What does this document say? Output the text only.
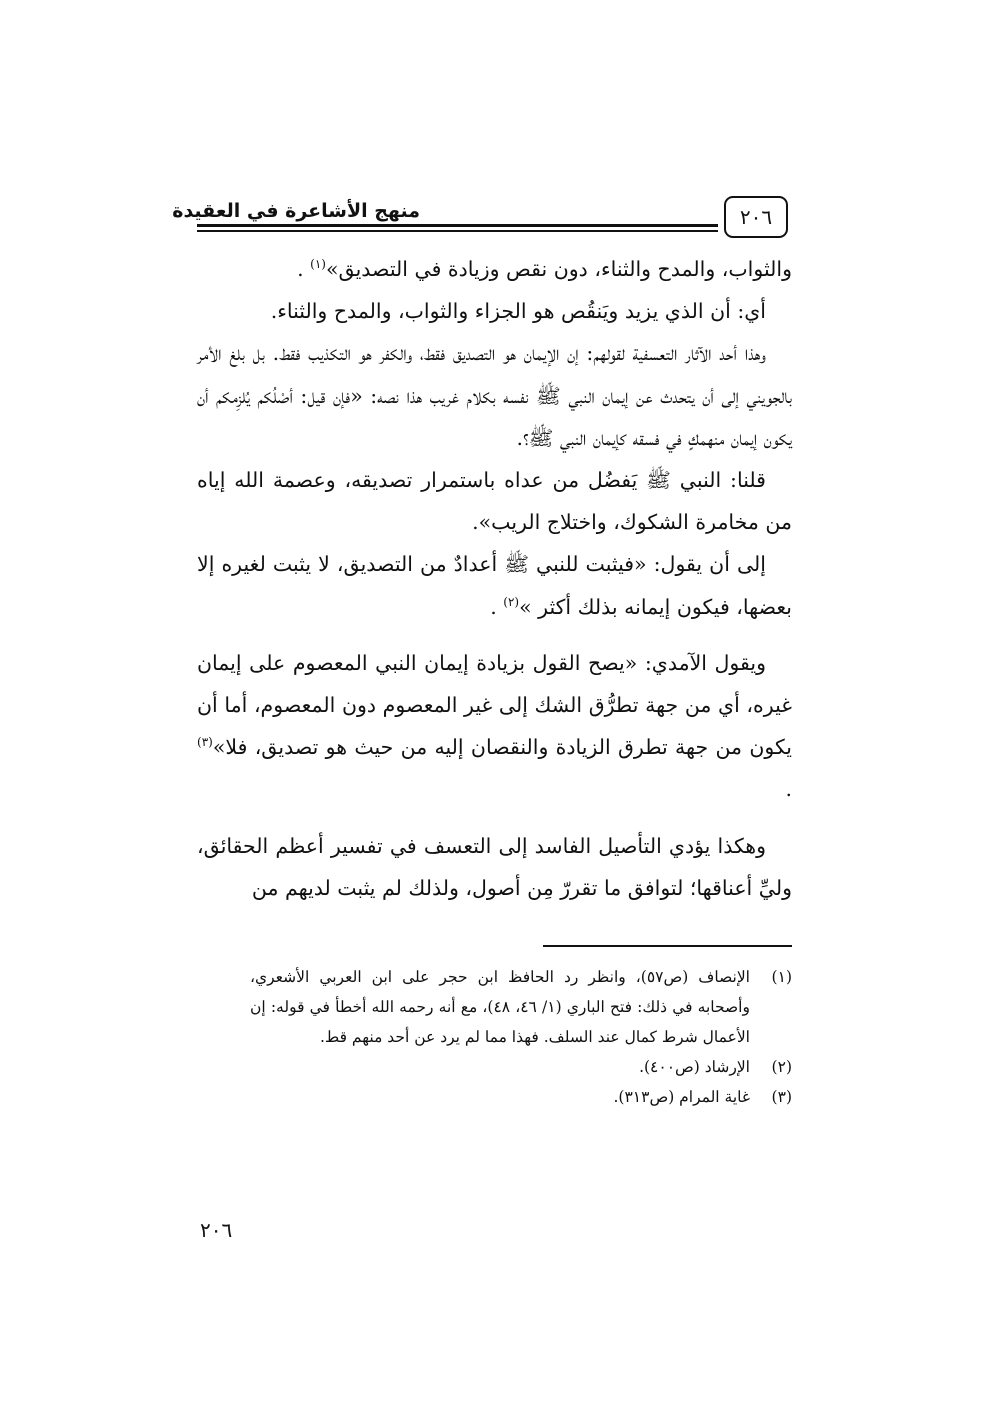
٢٠٦
منهج الأشاعرة في العقيدة

والثواب، والمدح والثناء، دون نقص وزيادة في التصديق»$^{(١)}$ .

أي: أن الذي يزيد ويَنقُص هو الجزاء والثواب، والمدح والثناء.

وهذا أحد الآثار التعسفية لقولهم: إن الإيمان هو التصديق فقط، والكفر هو التكذيب فقط. بل بلغ الأمر بالجويني إلى أن يتحدث عن إيمان النبي ﷺ نفسه بكلام غريب هذا نصه: «فإن قيل: أصْلُكم يُلزِمكم أن يكون إيمان منهمكٍ في فسقه كإيمان النبي ﷺ؟.

قلنا: النبي ﷺ يَفضُل من عداه باستمرار تصديقه، وعصمة الله إياه من مخامرة الشكوك، واختلاج الريب».

إلى أن يقول: «فيثبت للنبي ﷺ أعدادٌ من التصديق، لا يثبت لغيره إلا بعضها، فيكون إيمانه بذلك أكثر »$^{(٢)}$ .

ويقول الآمدي: «يصح القول بزيادة إيمان النبي المعصوم على إيمان غيره، أي من جهة تطرُّق الشك إلى غير المعصوم دون المعصوم، أما أن يكون من جهة تطرق الزيادة والنقصان إليه من حيث هو تصديق، فلا»$^{(٣)}$ .

وهكذا يؤدي التأصيل الفاسد إلى التعسف في تفسير أعظم الحقائق، وليِّ أعناقها؛ لتوافق ما تقررّ مِن أصول، ولذلك لم يثبت لديهم من

(١)
الإنصاف (ص٥٧)، وانظر رد الحافظ ابن حجر على ابن العربي الأشعري، وأصحابه في ذلك: فتح الباري (١/ ٤٦، ٤٨)، مع أنه رحمه الله أخطأ في قوله: إن الأعمال شرط كمال عند السلف. فهذا مما لم يرد عن أحد منهم قط.
(٢)
الإرشاد (ص٤٠٠).
(٣)
غاية المرام (ص٣١٣).
٢٠٦
